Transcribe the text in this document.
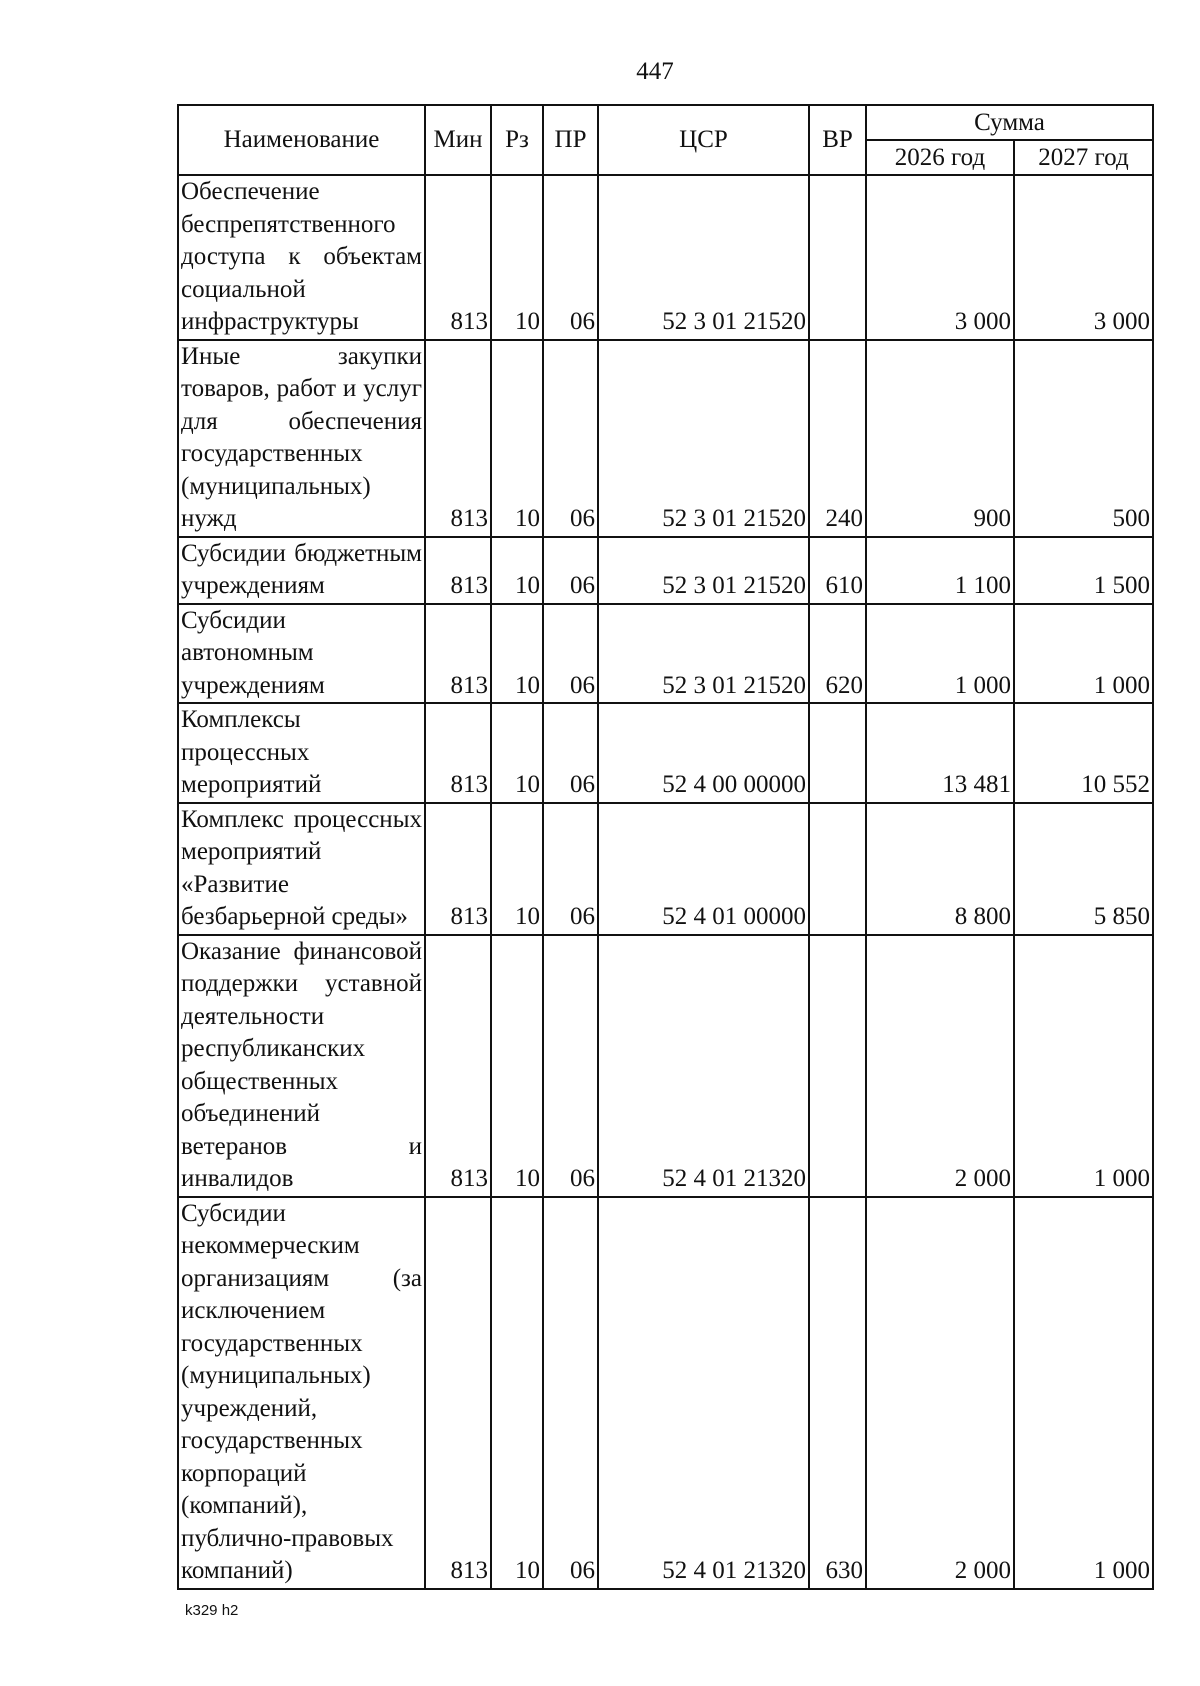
447
Наименование	Мин	Рз	ПР	ЦСР	ВР	Сумма	
						2026 год	2027 год
Обеспечение беспрепятственного доступа к объектам социальной инфраструктуры	813	10	06	52 3 01 21520		3 000	3 000
Иные закупки товаров, работ и услуг для обеспечения государственных (муниципальных) нужд	813	10	06	52 3 01 21520	240	900	500
Субсидии бюджетным учреждениям	813	10	06	52 3 01 21520	610	1 100	1 500
Субсидии автономным учреждениям	813	10	06	52 3 01 21520	620	1 000	1 000
Комплексы процессных мероприятий	813	10	06	52 4 00 00000		13 481	10 552
Комплекс процессных мероприятий «Развитие безбарьерной среды»	813	10	06	52 4 01 00000		8 800	5 850
Оказание финансовой поддержки уставной деятельности республиканских общественных объединений ветеранов и инвалидов	813	10	06	52 4 01 21320		2 000	1 000
Субсидии некоммерческим организациям (за исключением государственных (муниципальных) учреждений, государственных корпораций (компаний), публично-правовых компаний)	813	10	06	52 4 01 21320	630	2 000	1 000
k329 h2
